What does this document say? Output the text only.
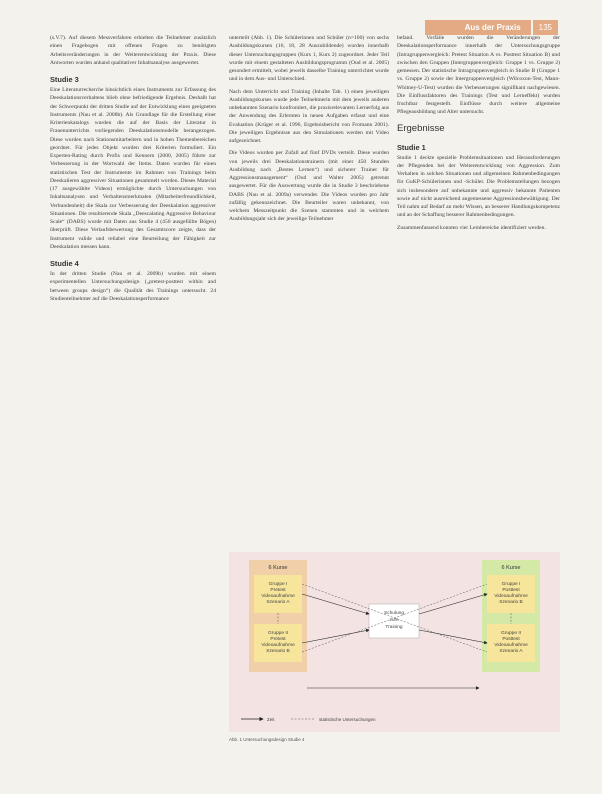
Aus der Praxis	135

(s.V.7). Auf diesem Messverfahren erhielten die Teilnehmer zusätzlich einen Fragebogen mit offenen Fragen zu benötigten Arbeitsveränderungen in der Weiterentwicklung der Praxis. Diese Antworten wurden anhand qualitativer Inhaltsanalyse ausgewertet.

Studie 3

Eine Literaturrecherche hinsichtlich eines Instruments zur Erfassung des Deeskalationsverhaltens blieb ohne befriedigende Ergebnis. Deshalb hat der Schwerpunkt der dritten Studie auf der Entwicklung eines geeigneten Instruments (Nau et al. 2008b). Als Grundlage für die Erstellung einer Kriterienkatalogs wurden die auf der Basis der Literatur in Frauenunterrichts vorliegenden Deeskalationsmodelle herangezogen. Diese wurden nach Stationsmitarbeitern und in hohen Themenbereichen geordnet. Für jedes Objekt wurden drei Kriterien formuliert. Ein Experten-Rating durch Profis und Kennern (2000, 2005) führte zur Verbesserung in der Wortwahl der Items. Daten wurden für einen statistischen Test der Instrumente im Rahmen von Trainings beim Deeskalieren aggressiver Situationen gesammelt worden. Dieses Material (17 ausgewählte Videos) ermöglichte durch Untersuchungen von Inhaltsanalysen und Verhaltensmerkmalen (Mitarbeiterfreundlichkeit, Verbundenheit) die Skala zur Verbesserung der Deeskalation aggressiver Situationen. Die resultierende Skala „Deescalating Aggressive Behaviour Scale“ (DABS) wurde mit Daten aus Studie 4 (450 ausgefüllte Bögen) überprüft. Diese Verlaufsbewertung des Gesamtscore zeigte, dass der Instrument valide und reliabel eine Beurteilung der Fähigkeit zur Deeskalation messen kann.

Studie 4

In der dritten Studie (Nau et al. 2009b) wurden mit einem experimentellen Untersuchungsdesign („pretest-posttest within and between groups design“) die Qualität des Trainings untersucht. 24 Studienteilnehmer auf die Deeskalationsperformance

unterteilt (Abb. 1). Die Schülerinnen und Schüler (n=100) von sechs Ausbildungskursen (16, 18, 28 Auszubildende) wurden innerhalb dieser Untersuchungsgruppen (Kurs 1, Kurs 2) zugeordnet. Jeder Teil wurde mit einem gestalteten Ausbildungsprogramm (Oud et al. 2005) gesondert ermittelt, wobei jeweils dasselbe Training unterrichtet wurde und in dem Aus- und Unterschied.

Nach dem Unterricht und Training (Inhalte Tab. 1) einen jeweiligen Ausbildungskurses wurde jede Teilnehmerin mit dem jeweils anderen unbekannten Szenario konfrontiert, die praxisrelevanten Lernerfolg aus der Anwendung des Erlernten in neuen Aufgaben erfasst und eine Evaluation (Krüger et al. 1996, Ergebnisbericht von Fromann 2001). Die jeweiligen Ergebnisse aus den Simulationen werden mit Video aufgezeichnet.

Die Videos wurden per Zufall auf fünf DVDs verteilt. Diese wurden von jeweils drei Deeskalationstrainern (mit einer 450 Stunden Ausbildung nach „Bestes Lernen“) und sicherer Trainer für Aggressionsmanagement“ (Oud und Walter 2005) getrennt ausgewertet. Für die Auswertung wurde die in Studie 3 beschriebene DABS (Nau et al. 2009a) verwendet. Die Videos wurden pro Jahr zufällig gekennzeichnet. Die Beurteiler waren unbekannt, von welchem Messzeitpunkt die Szenen stammten und in welchem Ausbildungsjahr sich der jeweilige Teilnehmer

befand. Vorfälle wurden die Veränderungen der Deeskalationsperformance innerhalb der Untersuchungsgruppe (Intragruppenvergleich: Pretest Situation A vs. Posttest Situation B) und zwischen den Gruppen (Intergruppenvergleich: Gruppe 1 vs. Gruppe 2) gemessen. Der statistische Intragruppenvergleich in Studie B (Gruppe 1 vs. Gruppe 2) sowie der Intergruppenvergleich (Wilcoxon-Test, Mann-Whitney-U-Test) wurden die Verbesserungen signifikant nachgewiesen. Die Einflussfaktoren des Trainings (Test und Lerneffekt) wurden fruchtbar festgestellt. Einflüsse durch weitere allgemeine Pflegeausbildung und Alter untersucht.

Ergebnisse
Studie 1

Studie 1 deckte spezielle Problemsituationen und Herausforderungen der Pflegenden bei der Weiterentwicklung von Aggression. Zum Verhalten in solchen Situationen und allgemeinen Rahmenbedingungen für GuKP-Schülerinnen und -Schüler. Die Problemstellungen bezogen sich insbesondere auf unbekannte und aggressiv bekannte Patienten sowie auf nicht ausreichend angemessene Aggressionsbewältigung. Der Teil nahm auf Bedarf an mehr Wissen, an besserer Handlungskompetenz und an der Schaffung besserer Rahmenbedingungen.

Zusammenfassend konnten vier Lernbereiche identifiziert werden.

6 Kurse
Gruppe I Pretest Videoaufnahme Szenario A
Gruppe II Pretest Videoaufnahme Szenario B
6 Kurse
Gruppe I Posttest Videoaufnahme Szenario B
Gruppe II Posttest Videoaufnahme Szenario A
Schulung zum Training
Zeit	statistische Untersuchungen
Abb. 1 Untersuchungsdesign Studie 4
